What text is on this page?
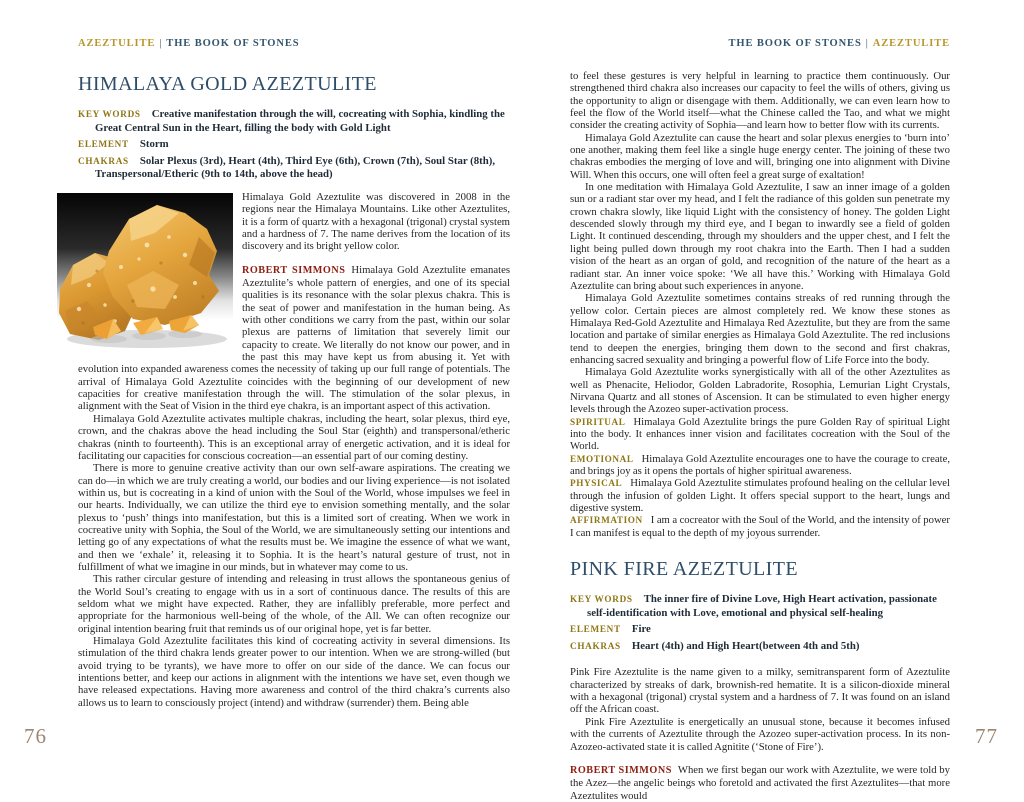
AZEZTULITE | THE BOOK OF STONES
HIMALAYA GOLD AZEZTULITE
KEY WORDS Creative manifestation through the will, cocreating with Sophia, kindling the Great Central Sun in the Heart, filling the body with Gold Light
ELEMENT Storm
CHAKRAS Solar Plexus (3rd), Heart (4th), Third Eye (6th), Crown (7th), Soul Star (8th), Transpersonal/Etheric (9th to 14th, above the head)

Himalaya Gold Azeztulite was discovered in 2008 in the regions near the Himalaya Mountains. Like other Azeztulites, it is a form of quartz with a hexagonal (trigonal) crystal system and a hardness of 7. The name derives from the location of its discovery and its bright yellow color.

ROBERT SIMMONS Himalaya Gold Azeztulite emanates Azeztulite’s whole pattern of energies, and one of its special qualities is its resonance with the solar plexus chakra. This is the seat of power and manifestation in the human being. As with other conditions we carry from the past, within our solar plexus are patterns of limitation that severely limit our capacity to create. We literally do not know our power, and in the past this may have kept us from abusing it. Yet with evolution into expanded awareness comes the necessity of taking up our full range of potentials. The arrival of Himalaya Gold Azeztulite coincides with the beginning of our development of new capacities for creative manifestation through the will. The stimulation of the solar plexus, in alignment with the Seat of Vision in the third eye chakra, is an important aspect of this activation.

Himalaya Gold Azeztulite activates multiple chakras, including the heart, solar plexus, third eye, crown, and the chakras above the head including the Soul Star (eighth) and transpersonal/etheric chakras (ninth to fourteenth). This is an exceptional array of energetic activation, and it is ideal for facilitating our capacities for conscious cocreation—an essential part of our coming destiny.

There is more to genuine creative activity than our own self-aware aspirations. The creating we can do—in which we are truly creating a world, our bodies and our living experience—is not isolated within us, but is cocreating in a kind of union with the Soul of the World, whose impulses we feel in our hearts. Individually, we can utilize the third eye to envision something mentally, and the solar plexus to ‘push’ things into manifestation, but this is a limited sort of creating. When we work in cocreative unity with Sophia, the Soul of the World, we are simultaneously setting our intentions and letting go of any expectations of what the results must be. We imagine the essence of what we want, and then we ‘exhale’ it, releasing it to Sophia. It is the heart’s natural gesture of trust, not in fulfillment of what we imagine in our minds, but in whatever may come to us.

This rather circular gesture of intending and releasing in trust allows the spontaneous genius of the World Soul’s creating to engage with us in a sort of continuous dance. The results of this are seldom what we might have expected. Rather, they are infallibly preferable, more perfect and appropriate for the harmonious well-being of the whole, of the All. We can often recognize our original intention bearing fruit that reminds us of our original hope, yet is far better.

Himalaya Gold Azeztulite facilitates this kind of cocreating activity in several dimensions. Its stimulation of the third chakra lends greater power to our intention. When we are strong-willed (but avoid trying to be tyrants), we have more to offer on our side of the dance. We can focus our intentions better, and keep our actions in alignment with the intentions we have set, even though we have released expectations. Having more awareness and control of the third chakra’s currents also allows us to learn to consciously project (intend) and withdraw (surrender) them. Being able

THE BOOK OF STONES | AZEZTULITE

to feel these gestures is very helpful in learning to practice them continuously. Our strengthened third chakra also increases our capacity to feel the wills of others, giving us the opportunity to align or disengage with them. Additionally, we can even learn how to feel the flow of the World itself—what the Chinese called the Tao, and what we might consider the creating activity of Sophia—and learn how to better flow with its currents.

Himalaya Gold Azeztulite can cause the heart and solar plexus energies to ‘burn into’ one another, making them feel like a single huge energy center. The joining of these two chakras embodies the merging of love and will, bringing one into alignment with Divine Will. When this occurs, one will often feel a great surge of exaltation!

In one meditation with Himalaya Gold Azeztulite, I saw an inner image of a golden sun or a radiant star over my head, and I felt the radiance of this golden sun penetrate my crown chakra slowly, like liquid Light with the consistency of honey. The golden Light descended slowly through my third eye, and I began to inwardly see a field of golden Light. It continued descending, through my shoulders and the upper chest, and I felt the light being pulled down through my root chakra into the Earth. Then I had a sudden vision of the heart as an organ of gold, and recognition of the nature of the heart as a radiant star. An inner voice spoke: ‘We all have this.’ Working with Himalaya Gold Azeztulite can bring about such experiences in anyone.

Himalaya Gold Azeztulite sometimes contains streaks of red running through the yellow color. Certain pieces are almost completely red. We know these stones as Himalaya Red-Gold Azeztulite and Himalaya Red Azeztulite, but they are from the same location and partake of similar energies as Himalaya Gold Azeztulite. The red inclusions tend to deepen the energies, bringing them down to the second and first chakras, enhancing sacred sexuality and bringing a powerful flow of Life Force into the body.

Himalaya Gold Azeztulite works synergistically with all of the other Azeztulites as well as Phenacite, Heliodor, Golden Labradorite, Rosophia, Lemurian Light Crystals, Nirvana Quartz and all stones of Ascension. It can be stimulated to even higher energy levels through the Azozeo super-activation process.

SPIRITUAL Himalaya Gold Azeztulite brings the pure Golden Ray of spiritual Light into the body. It enhances inner vision and facilitates cocreation with the Soul of the World.

EMOTIONAL Himalaya Gold Azeztulite encourages one to have the courage to create, and brings joy as it opens the portals of higher spiritual awareness.

PHYSICAL Himalaya Gold Azeztulite stimulates profound healing on the cellular level through the infusion of golden Light. It offers special support to the heart, lungs and digestive system.

AFFIRMATION I am a cocreator with the Soul of the World, and the intensity of power I can manifest is equal to the depth of my joyous surrender.

PINK FIRE AZEZTULITE
KEY WORDS The inner fire of Divine Love, High Heart activation, passionate self-identification with Love, emotional and physical self-healing
ELEMENT Fire
CHAKRAS Heart (4th) and High Heart(between 4th and 5th)

Pink Fire Azeztulite is the name given to a milky, semitransparent form of Azeztulite characterized by streaks of dark, brownish-red hematite. It is a silicon-dioxide mineral with a hexagonal (trigonal) crystal system and a hardness of 7. It was found on an island off the African coast.

Pink Fire Azeztulite is energetically an unusual stone, because it becomes infused with the currents of Azeztulite through the Azozeo super-activation process. In its non-Azozeo-activated state it is called Agnitite (‘Stone of Fire’).

ROBERT SIMMONS When we first began our work with Azeztulite, we were told by the Azez—the angelic beings who foretold and activated the first Azeztulites—that more Azeztulites would

76	77
